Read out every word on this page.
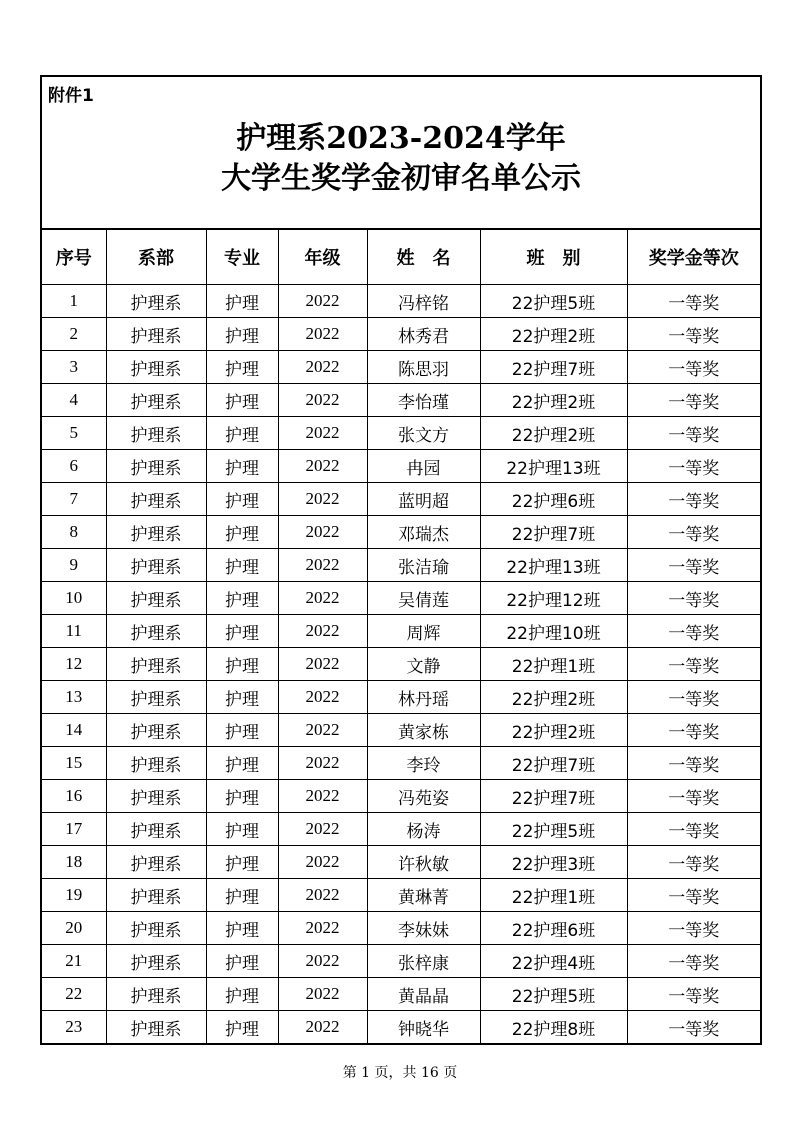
附件1
护理系2023-2024学年
大学生奖学金初审名单公示
序号	系部	专业	年级	姓　名	班　别	奖学金等次
1	护理系	护理	2022	冯梓铭	22护理5班	一等奖
2	护理系	护理	2022	林秀君	22护理2班	一等奖
3	护理系	护理	2022	陈思羽	22护理7班	一等奖
4	护理系	护理	2022	李怡瑾	22护理2班	一等奖
5	护理系	护理	2022	张文方	22护理2班	一等奖
6	护理系	护理	2022	冉园	22护理13班	一等奖
7	护理系	护理	2022	蓝明超	22护理6班	一等奖
8	护理系	护理	2022	邓瑞杰	22护理7班	一等奖
9	护理系	护理	2022	张洁瑜	22护理13班	一等奖
10	护理系	护理	2022	吴倩莲	22护理12班	一等奖
11	护理系	护理	2022	周辉	22护理10班	一等奖
12	护理系	护理	2022	文静	22护理1班	一等奖
13	护理系	护理	2022	林丹瑶	22护理2班	一等奖
14	护理系	护理	2022	黄家栋	22护理2班	一等奖
15	护理系	护理	2022	李玲	22护理7班	一等奖
16	护理系	护理	2022	冯苑姿	22护理7班	一等奖
17	护理系	护理	2022	杨涛	22护理5班	一等奖
18	护理系	护理	2022	许秋敏	22护理3班	一等奖
19	护理系	护理	2022	黄琳菁	22护理1班	一等奖
20	护理系	护理	2022	李妹妹	22护理6班	一等奖
21	护理系	护理	2022	张梓康	22护理4班	一等奖
22	护理系	护理	2022	黄晶晶	22护理5班	一等奖
23	护理系	护理	2022	钟晓华	22护理8班	一等奖
第 1 页，共 16 页
